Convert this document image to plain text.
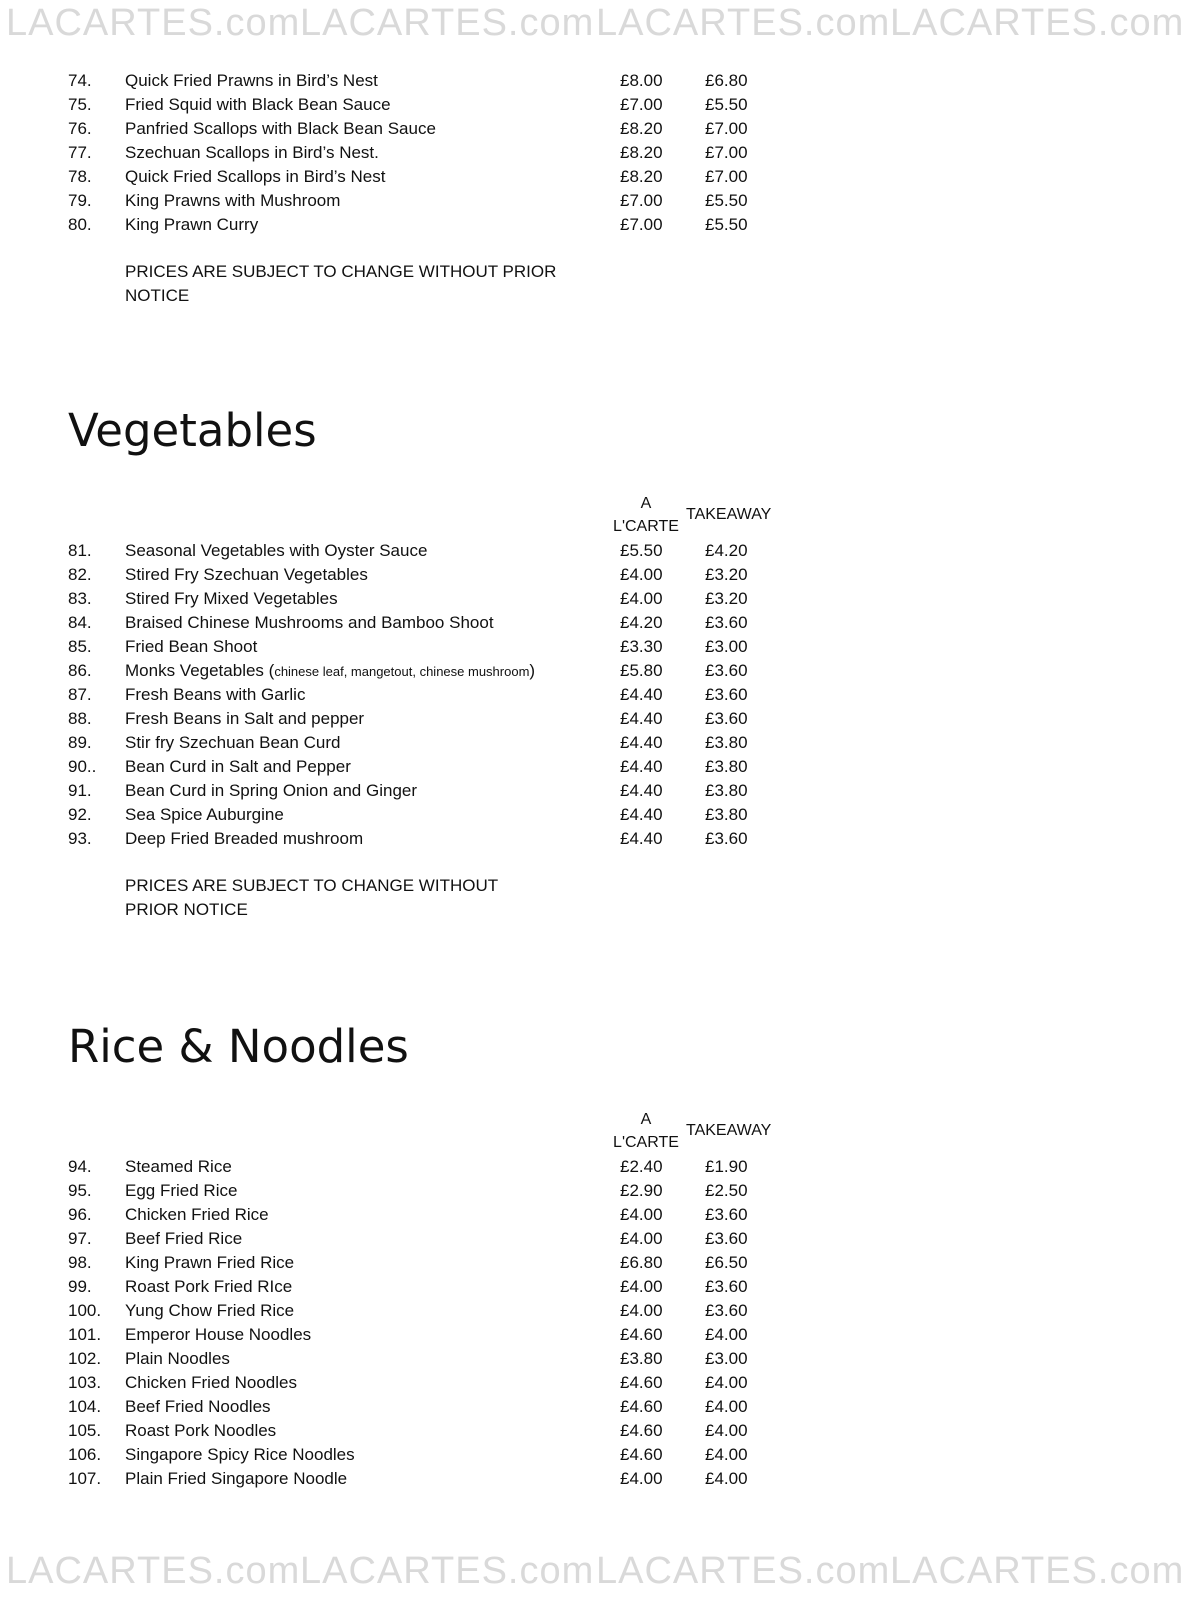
LACARTES.com LACARTES.com LACARTES.com LACARTES.com
74. Quick Fried Prawns in Bird’s Nest	£8.00 £6.80
75. Fried Squid with Black Bean Sauce	£7.00 £5.50
76. Panfried Scallops with Black Bean Sauce	£8.20 £7.00
77. Szechuan Scallops in Bird’s Nest.	£8.20 £7.00
78. Quick Fried Scallops in Bird’s Nest	£8.20 £7.00
79. King Prawns with Mushroom	£7.00 £5.50
80. King Prawn Curry	£7.00 £5.50
PRICES ARE SUBJECT TO CHANGE WITHOUT PRIOR
NOTICE
Vegetables
A
L'CARTE
TAKEAWAY
81. Seasonal Vegetables with Oyster Sauce	£5.50 £4.20
82. Stired Fry Szechuan Vegetables	£4.00 £3.20
83. Stired Fry Mixed Vegetables	£4.00 £3.20
84. Braised Chinese Mushrooms and Bamboo Shoot	£4.20 £3.60
85. Fried Bean Shoot	£3.30 £3.00
86. Monks Vegetables (chinese leaf, mangetout, chinese mushroom)	£5.80 £3.60
87. Fresh Beans with Garlic	£4.40 £3.60
88. Fresh Beans in Salt and pepper	£4.40 £3.60
89. Stir fry Szechuan Bean Curd	£4.40 £3.80
90.. Bean Curd in Salt and Pepper	£4.40 £3.80
91. Bean Curd in Spring Onion and Ginger	£4.40 £3.80
92. Sea Spice Auburgine	£4.40 £3.80
93. Deep Fried Breaded mushroom	£4.40 £3.60
PRICES ARE SUBJECT TO CHANGE WITHOUT
PRIOR NOTICE
Rice & Noodles
A
L'CARTE
TAKEAWAY
94. Steamed Rice	£2.40 £1.90
95. Egg Fried Rice	£2.90 £2.50
96. Chicken Fried Rice	£4.00 £3.60
97. Beef Fried Rice	£4.00 £3.60
98. King Prawn Fried Rice	£6.80 £6.50
99. Roast Pork Fried RIce	£4.00 £3.60
100. Yung Chow Fried Rice	£4.00 £3.60
101. Emperor House Noodles	£4.60 £4.00
102. Plain Noodles	£3.80 £3.00
103. Chicken Fried Noodles	£4.60 £4.00
104. Beef Fried Noodles	£4.60 £4.00
105. Roast Pork Noodles	£4.60 £4.00
106. Singapore Spicy Rice Noodles	£4.60 £4.00
107. Plain Fried Singapore Noodle	£4.00 £4.00
LACARTES.com LACARTES.com LACARTES.com LACARTES.com
